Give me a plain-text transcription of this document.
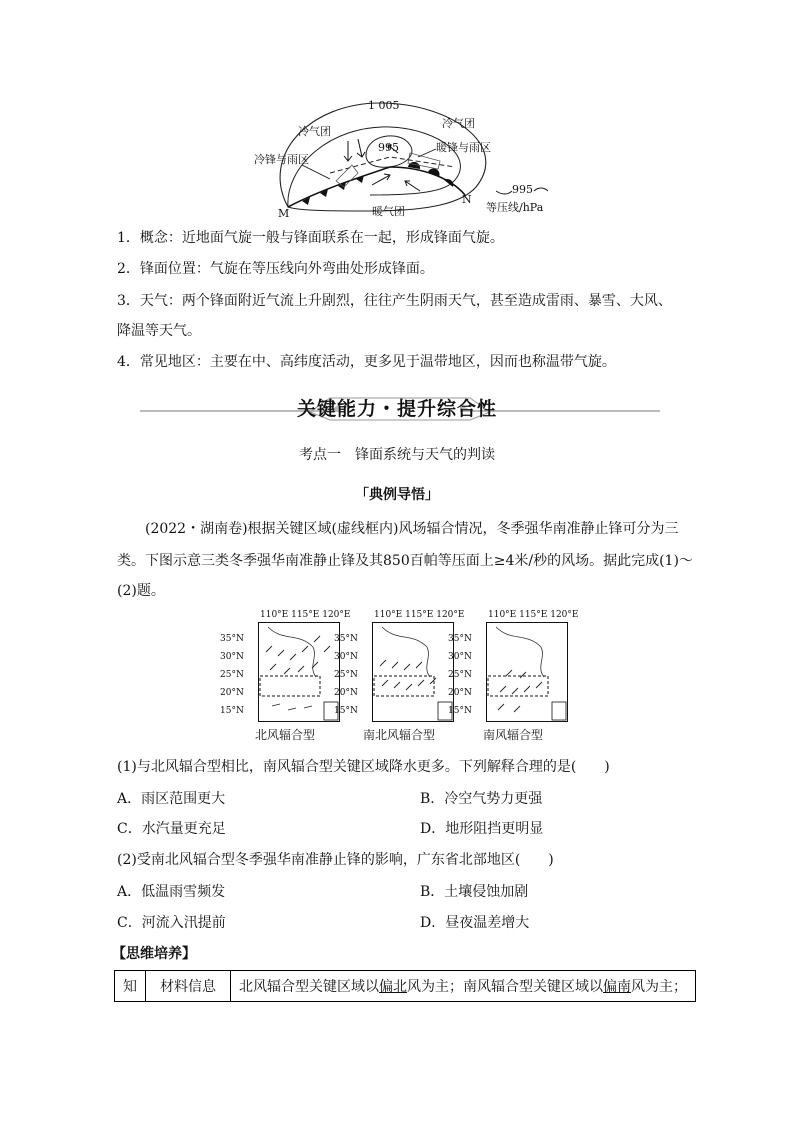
1 005
冷气团
冷气团
995
冷锋与雨区
暖锋与雨区
暖气团
M
N
995
等压线/hPa
1．概念：近地面气旋一般与锋面联系在一起，形成锋面气旋。
2．锋面位置：气旋在等压线向外弯曲处形成锋面。
3．天气：两个锋面附近气流上升剧烈，往往产生阴雨天气，甚至造成雷雨、暴雪、大风、
降温等天气。
4．常见地区：主要在中、高纬度活动，更多见于温带地区，因而也称温带气旋。
关键能力・提升综合性
考点一　锋面系统与天气的判读
「典例导悟」
(2022・湖南卷)根据关键区域(虚线框内)风场辐合情况，冬季强华南准静止锋可分为三
类。下图示意三类冬季强华南准静止锋及其850百帕等压面上≥4米/秒的风场。据此完成(1)～
(2)题。
110°E 115°E 120°E
35°N
30°N
25°N
20°N
15°N
北风辐合型
110°E 115°E 120°E
35°N
30°N
25°N
20°N
15°N
南北风辐合型
110°E 115°E 120°E
35°N
30°N
25°N
20°N
15°N
南风辐合型
(1)与北风辐合型相比，南风辐合型关键区域降水更多。下列解释合理的是(　　)
A．雨区范围更大	B．冷空气势力更强
C．水汽量更充足	D．地形阻挡更明显
(2)受南北风辐合型冬季强华南准静止锋的影响，广东省北部地区(　　)
A．低温雨雪频发	B．土壤侵蚀加剧
C．河流入汛提前	D．昼夜温差增大
【思维培养】
知	材料信息	北风辐合型关键区域以偏北风为主；南风辐合型关键区域以偏南风为主；
